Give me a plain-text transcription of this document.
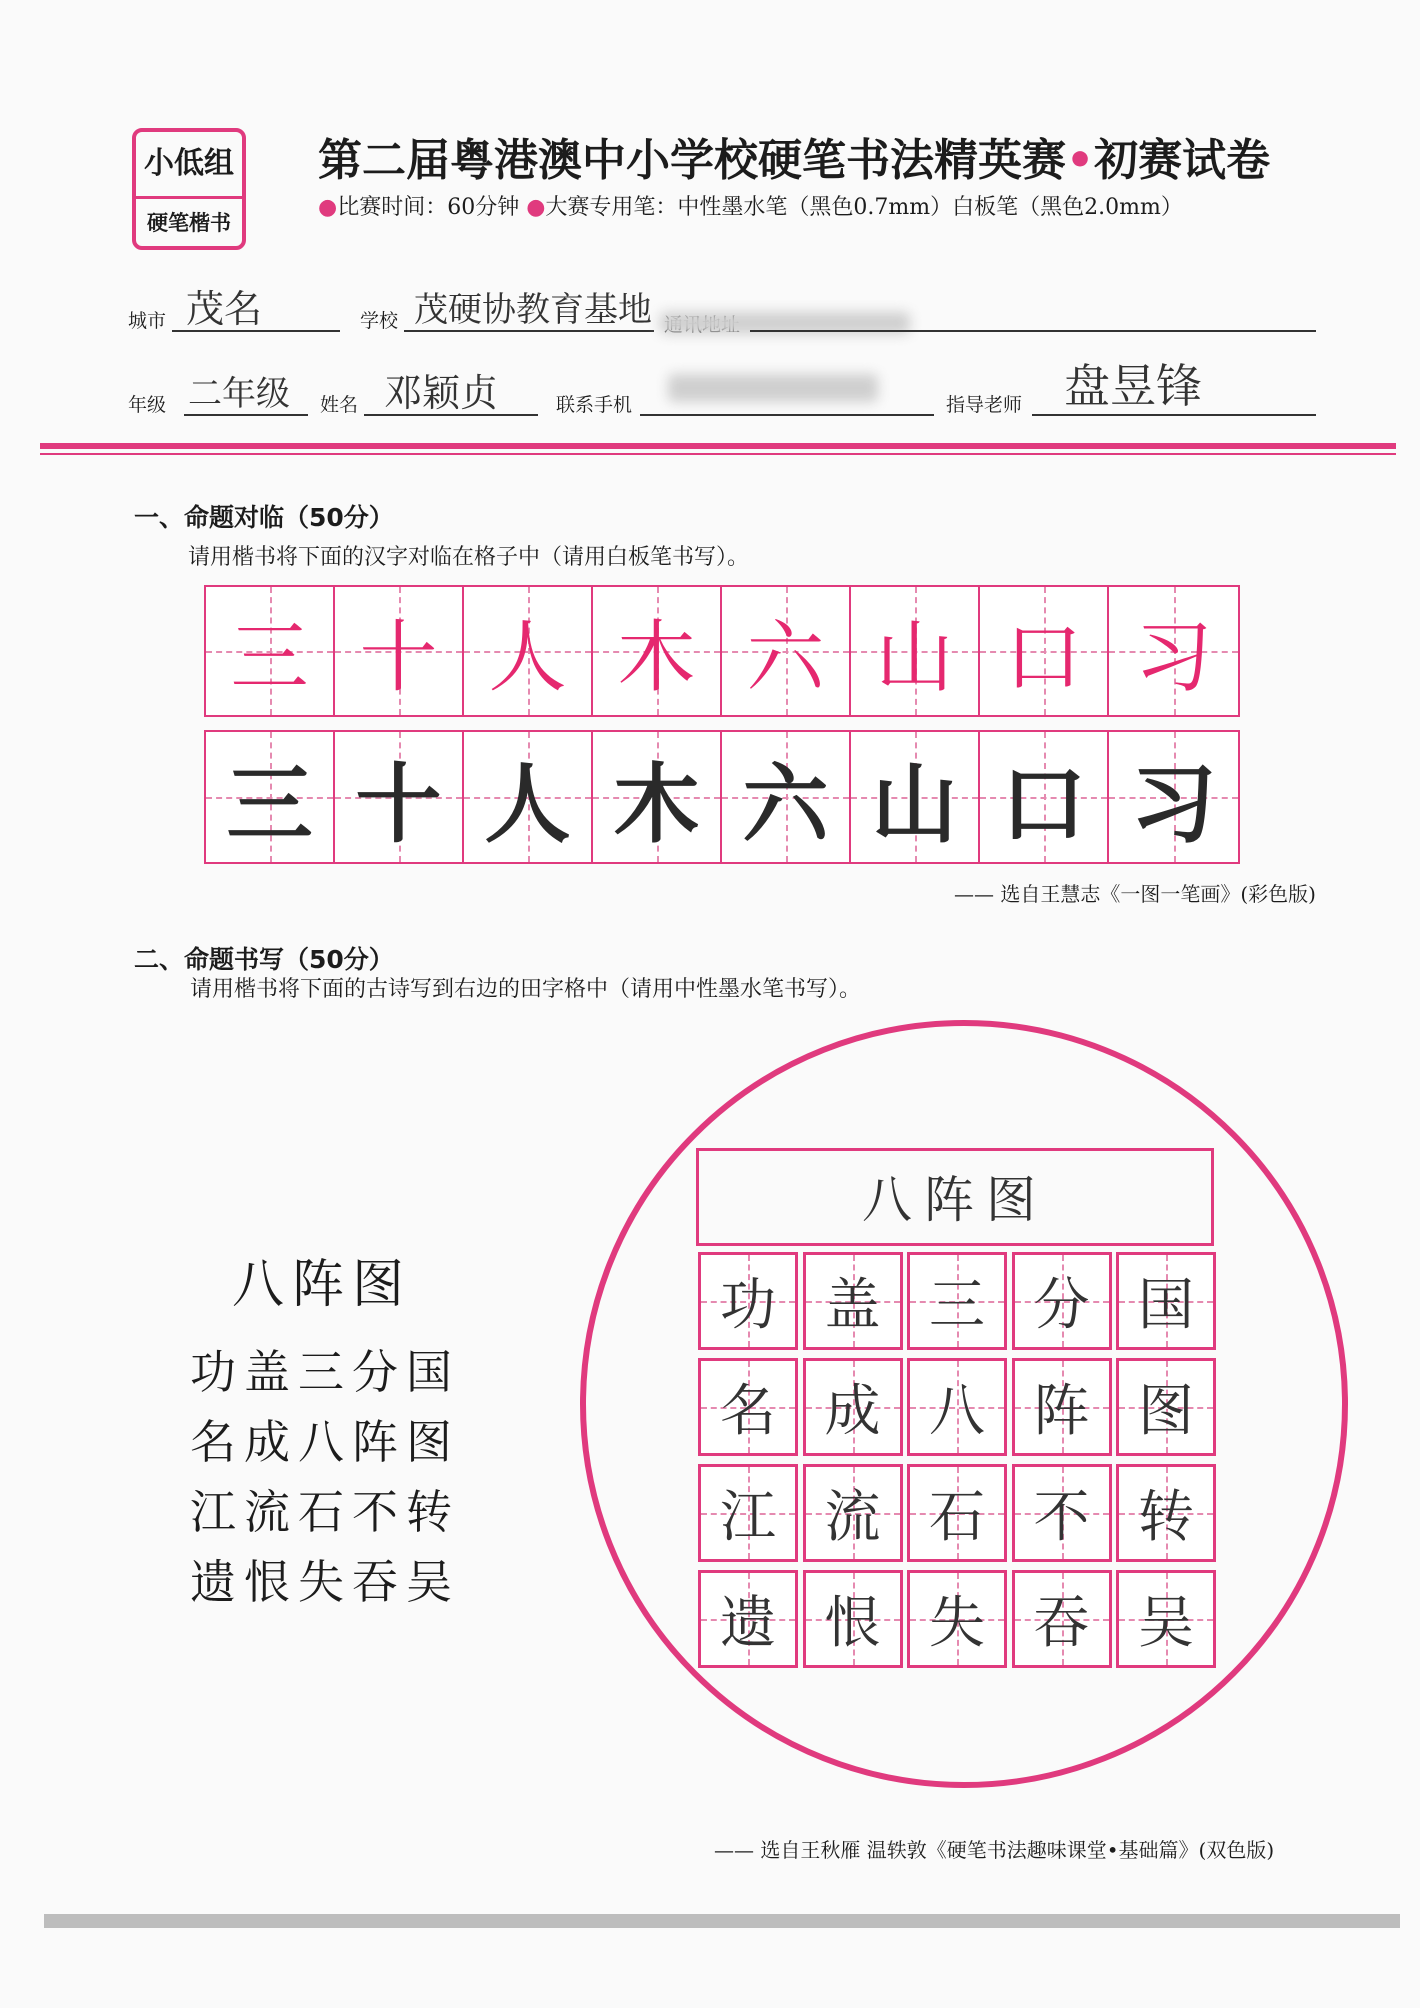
小低组
硬笔楷书
第二届粤港澳中小学校硬笔书法精英赛•初赛试卷
●比赛时间：60分钟 ●大赛专用笔：中性墨水笔（黑色0.7mm）白板笔（黑色2.0mm）
城市 茂名	学校 茂硬协教育基地
年级 二年级 姓名 邓颖贞	联系手机	指导老师 盘昱锋
一、命题对临（50分）
请用楷书将下面的汉字对临在格子中（请用白板笔书写）。
三 十 人 木 六 山 口 习
三 十 人 木 六 山 口 习
—— 选自王慧志《一图一笔画》(彩色版)
二、命题书写（50分）
请用楷书将下面的古诗写到右边的田字格中（请用中性墨水笔书写）。
八阵图
功盖三分国
名成八阵图
江流石不转
遗恨失吞吴
八阵图
功 盖 三 分 国
名 成 八 阵 图
江 流 石 不 转
遗 恨 失 吞 吴
—— 选自王秋雁 温轶敦《硬笔书法趣味课堂•基础篇》(双色版)
